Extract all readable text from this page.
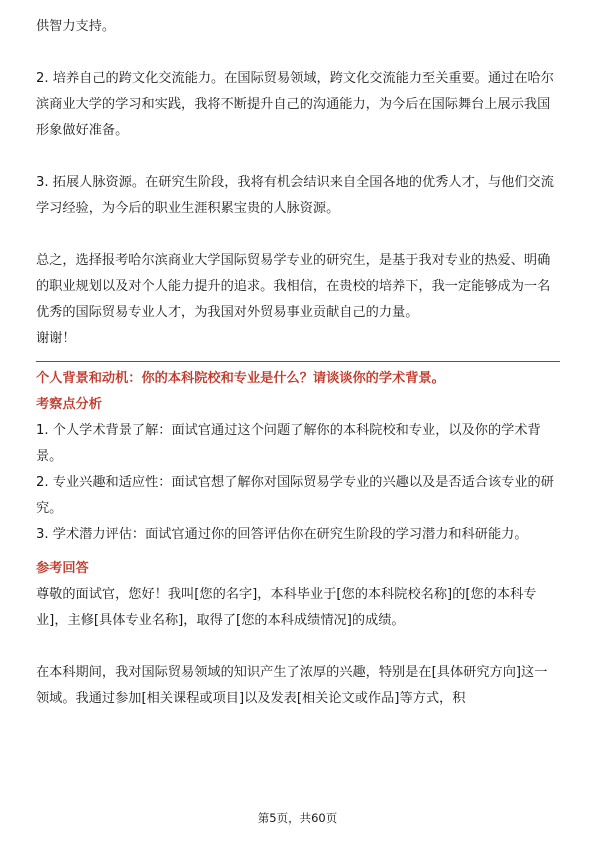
供智力支持。

2. 培养自己的跨文化交流能力。在国际贸易领域，跨文化交流能力至关重要。通过在哈尔滨商业大学的学习和实践，我将不断提升自己的沟通能力，为今后在国际舞台上展示我国形象做好准备。

3. 拓展人脉资源。在研究生阶段，我将有机会结识来自全国各地的优秀人才，与他们交流学习经验，为今后的职业生涯积累宝贵的人脉资源。

总之，选择报考哈尔滨商业大学国际贸易学专业的研究生，是基于我对专业的热爱、明确的职业规划以及对个人能力提升的追求。我相信，在贵校的培养下，我一定能够成为一名优秀的国际贸易专业人才，为我国对外贸易事业贡献自己的力量。

谢谢！

个人背景和动机：你的本科院校和专业是什么？请谈谈你的学术背景。

考察点分析

1. 个人学术背景了解：面试官通过这个问题了解你的本科院校和专业，以及你的学术背景。

2. 专业兴趣和适应性：面试官想了解你对国际贸易学专业的兴趣以及是否适合该专业的研究。

3. 学术潜力评估：面试官通过你的回答评估你在研究生阶段的学习潜力和科研能力。

参考回答

尊敬的面试官，您好！我叫[您的名字]，本科毕业于[您的本科院校名称]的[您的本科专业]，主修[具体专业名称]，取得了[您的本科成绩情况]的成绩。

在本科期间，我对国际贸易领域的知识产生了浓厚的兴趣，特别是在[具体研究方向]这一领域。我通过参加[相关课程或项目]以及发表[相关论文或作品]等方式，积

第5页，共60页
